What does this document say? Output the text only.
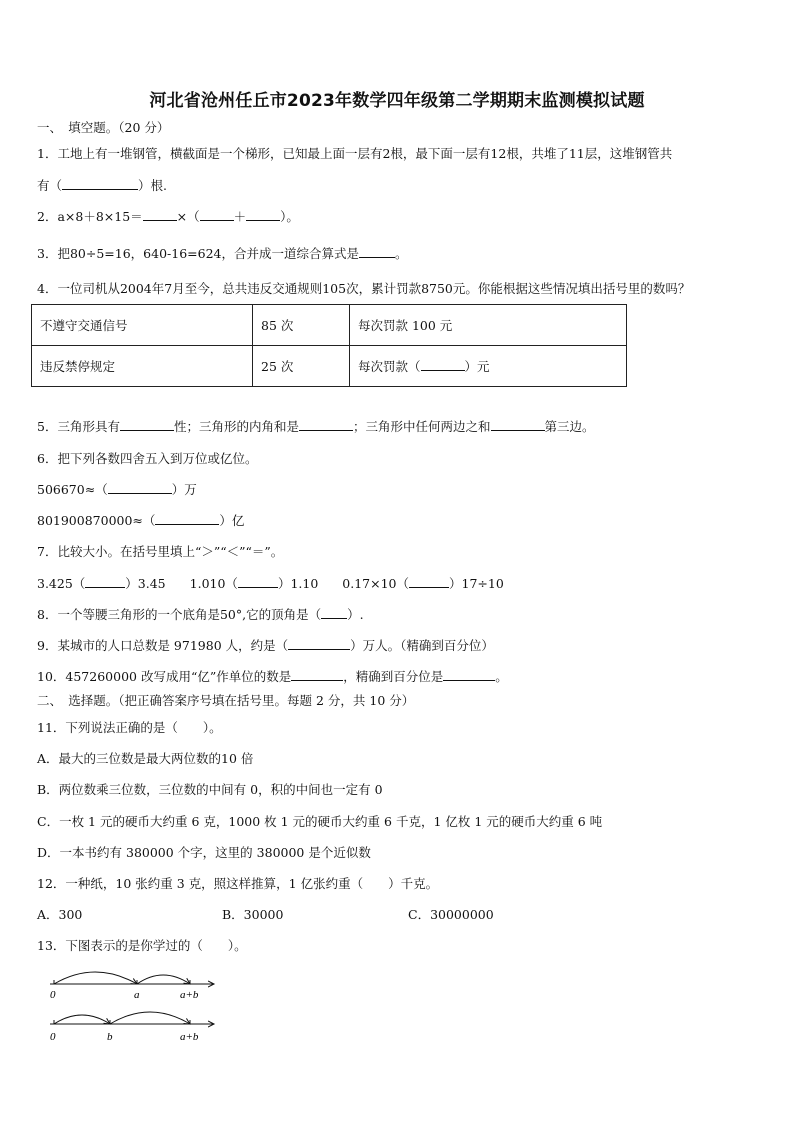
河北省沧州任丘市2023年数学四年级第二学期期末监测模拟试题
一、　填空题。（20 分）
1．工地上有一堆钢管，横截面是一个梯形，已知最上面一层有2根，最下面一层有12根，共堆了11层，这堆钢管共
有（	）根.
2．a×8＋8×15＝	×（	＋	）。
3．把80÷5=16，640-16=624，合并成一道综合算式是	。
4．一位司机从2004年7月至今，总共违反交通规则105次，累计罚款8750元。你能根据这些情况填出括号里的数吗？
不遵守交通信号	85 次	每次罚款 100 元
违反禁停规定	25 次	每次罚款（ ）元
5．三角形具有	性；三角形的内角和是	；三角形中任何两边之和	第三边。
6．把下列各数四舍五入到万位或亿位。
506670≈（	）万
801900870000≈（	）亿
7．比较大小。在括号里填上“＞”“＜”“＝”。
3.425（	）3.45 1.010（	）1.10 0.17×10（	）17÷10
8．一个等腰三角形的一个底角是50°,它的顶角是（ ）.
9．某城市的人口总数是 971980 人，约是（	）万人。（精确到百分位）
10．457260000 改写成用“亿”作单位的数是	，精确到百分位是	。
二、　选择题。（把正确答案序号填在括号里。每题 2 分，共 10 分）
11．下列说法正确的是（　　）。
A．最大的三位数是最大两位数的10 倍
B．两位数乘三位数，三位数的中间有 0，积的中间也一定有 0
C．一枚 1 元的硬币大约重 6 克，1000 枚 1 元的硬币大约重 6 千克，1 亿枚 1 元的硬币大约重 6 吨
D．一本书约有 380000 个字，这里的 380000 是个近似数
12．一种纸，10 张约重 3 克，照这样推算，1 亿张约重（　　）千克。
A．300	B．30000	C．30000000
13．下图表示的是你学过的（　　）。
0	a	a+b
0	b	a+b
